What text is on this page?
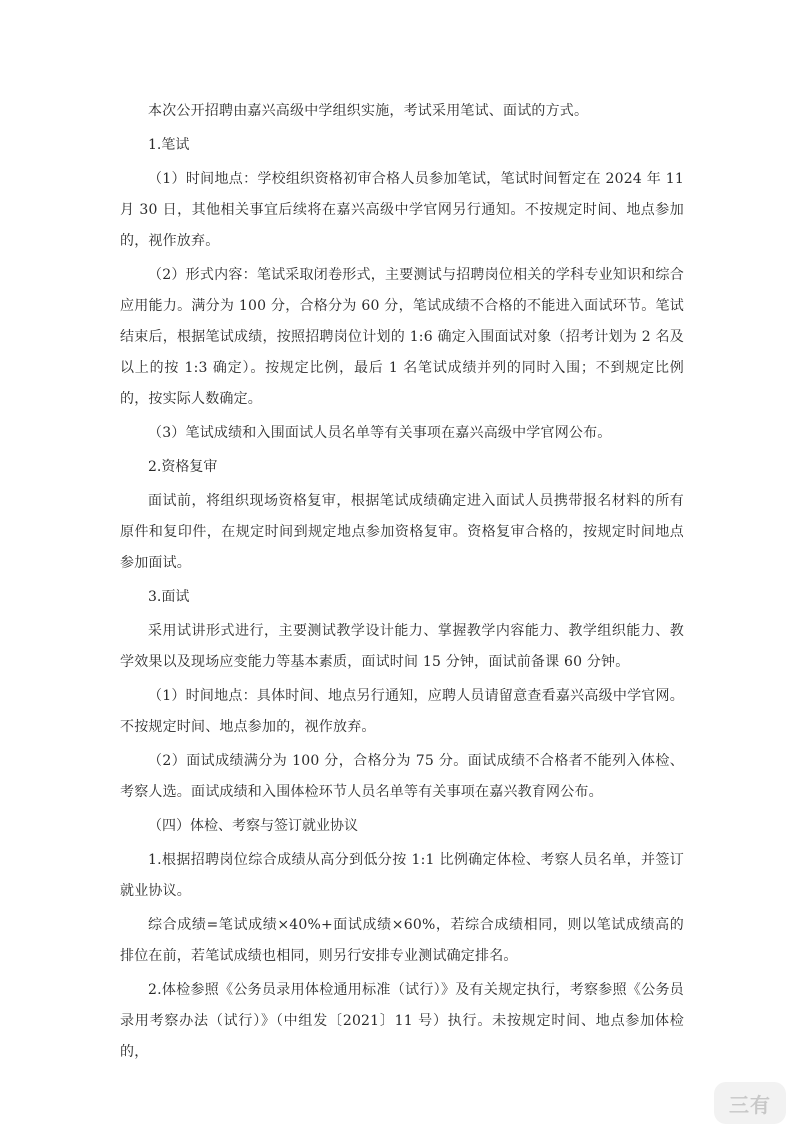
本次公开招聘由嘉兴高级中学组织实施，考试采用笔试、面试的方式。

1.笔试

（1）时间地点：学校组织资格初审合格人员参加笔试，笔试时间暂定在 2024 年 11 月 30 日，其他相关事宜后续将在嘉兴高级中学官网另行通知。不按规定时间、地点参加的，视作放弃。

（2）形式内容：笔试采取闭卷形式，主要测试与招聘岗位相关的学科专业知识和综合应用能力。满分为 100 分，合格分为 60 分，笔试成绩不合格的不能进入面试环节。笔试结束后，根据笔试成绩，按照招聘岗位计划的 1:6 确定入围面试对象（招考计划为 2 名及以上的按 1:3 确定）。按规定比例，最后 1 名笔试成绩并列的同时入围；不到规定比例的，按实际人数确定。

（3）笔试成绩和入围面试人员名单等有关事项在嘉兴高级中学官网公布。

2.资格复审

面试前，将组织现场资格复审，根据笔试成绩确定进入面试人员携带报名材料的所有原件和复印件，在规定时间到规定地点参加资格复审。资格复审合格的，按规定时间地点参加面试。

3.面试

采用试讲形式进行，主要测试教学设计能力、掌握教学内容能力、教学组织能力、教学效果以及现场应变能力等基本素质，面试时间 15 分钟，面试前备课 60 分钟。

（1）时间地点：具体时间、地点另行通知，应聘人员请留意查看嘉兴高级中学官网。不按规定时间、地点参加的，视作放弃。

（2）面试成绩满分为 100 分，合格分为 75 分。面试成绩不合格者不能列入体检、考察人选。面试成绩和入围体检环节人员名单等有关事项在嘉兴教育网公布。

（四）体检、考察与签订就业协议

1.根据招聘岗位综合成绩从高分到低分按 1:1 比例确定体检、考察人员名单，并签订就业协议。

综合成绩=笔试成绩×40%+面试成绩×60%，若综合成绩相同，则以笔试成绩高的排位在前，若笔试成绩也相同，则另行安排专业测试确定排名。

2.体检参照《公务员录用体检通用标准（试行）》及有关规定执行，考察参照《公务员录用考察办法（试行）》（中组发〔2021〕11 号）执行。未按规定时间、地点参加体检的，

三有
